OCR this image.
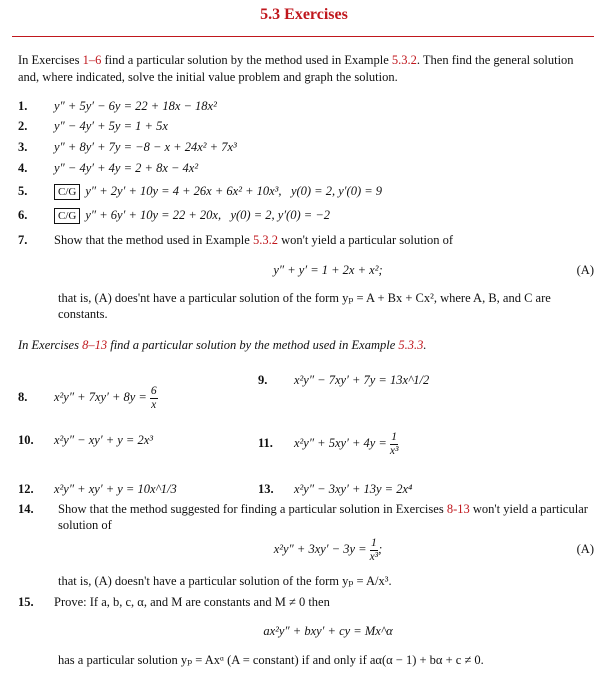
5.3 Exercises
In Exercises 1–6 find a particular solution by the method used in Example 5.3.2. Then find the general solution and, where indicated, solve the initial value problem and graph the solution.
1. y″ + 5y′ − 6y = 22 + 18x − 18x²
2. y″ − 4y′ + 5y = 1 + 5x
3. y″ + 8y′ + 7y = −8 − x + 24x² + 7x³
4. y″ − 4y′ + 4y = 2 + 8x − 4x²
5.	C/G y″ + 2y′ + 10y = 4 + 26x + 6x² + 10x³, y(0) = 2, y′(0) = 9
6.	C/G y″ + 6y′ + 10y = 22 + 20x, y(0) = 2, y′(0) = −2
7. Show that the method used in Example 5.3.2 won't yield a particular solution of
y″ + y′ = 1 + 2x + x²;	(A)
that is, (A) does'nt have a particular solution of the form yₚ = A + Bx + Cx², where A, B, and C are constants.
In Exercises 8–13 find a particular solution by the method used in Example 5.3.3.
9. x²y″ − 7xy′ + 7y = 13x^1/2
8. $x^2y'' + 7xy' + 8y = \frac{6}{x}$
10. x²y″ − xy′ + y = 2x³	11. $x^2y'' + 5xy' + 4y = \frac{1}{\text{x³}}$
12. x²y″ + xy′ + y = 10x^1/3	13. x²y″ − 3xy′ + 13y = 2x⁴
14.	Show that the method suggested for finding a particular solution in Exercises 8-13 won't yield a particular solution of
$x^2y'' + 3xy' - 3y = \frac{1}{\text{x³}}$ ;	(A)
that is, (A) doesn't have a particular solution of the form yₚ = A/x³.
15. Prove: If a, b, c, α, and M are constants and M ≠ 0 then
ax²y″ + bxy′ + cy = Mx^α
has a particular solution yₚ = Axᵅ (A = constant) if and only if aα(α − 1) + bα + c ≠ 0.
